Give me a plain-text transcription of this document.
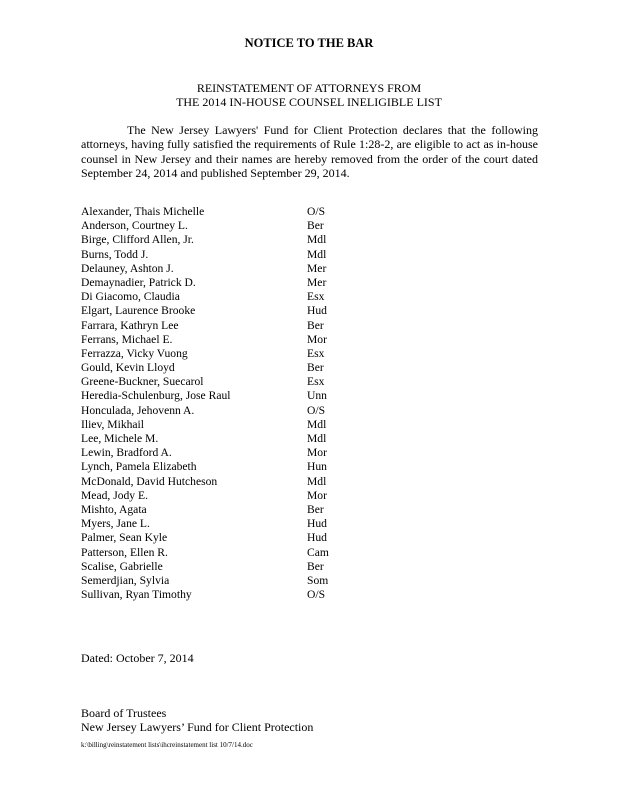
NOTICE TO THE BAR
REINSTATEMENT OF ATTORNEYS FROM
THE 2014 IN-HOUSE COUNSEL INELIGIBLE LIST
The New Jersey Lawyers' Fund for Client Protection declares that the following attorneys, having fully satisfied the requirements of Rule 1:28-2, are eligible to act as in-house counsel in New Jersey and their names are hereby removed from the order of the court dated September 24, 2014 and published September 29, 2014.
Alexander, Thais Michelle	O/S
Anderson, Courtney L.	Ber
Birge, Clifford Allen, Jr.	Mdl
Burns, Todd J.	Mdl
Delauney, Ashton J.	Mer
Demaynadier, Patrick D.	Mer
Di Giacomo, Claudia	Esx
Elgart, Laurence Brooke	Hud
Farrara, Kathryn Lee	Ber
Ferrans, Michael E.	Mor
Ferrazza, Vicky Vuong	Esx
Gould, Kevin Lloyd	Ber
Greene-Buckner, Suecarol	Esx
Heredia-Schulenburg, Jose Raul	Unn
Honculada, Jehovenn A.	O/S
Iliev, Mikhail	Mdl
Lee, Michele M.	Mdl
Lewin, Bradford A.	Mor
Lynch, Pamela Elizabeth	Hun
McDonald, David Hutcheson	Mdl
Mead, Jody E.	Mor
Mishto, Agata	Ber
Myers, Jane L.	Hud
Palmer, Sean Kyle	Hud
Patterson, Ellen R.	Cam
Scalise, Gabrielle	Ber
Semerdjian, Sylvia	Som
Sullivan, Ryan Timothy	O/S
Dated: October 7, 2014
Board of Trustees
New Jersey Lawyers’ Fund for Client Protection
k:\billing\reinstatement lists\ihcreinstatement list 10/7/14.doc
